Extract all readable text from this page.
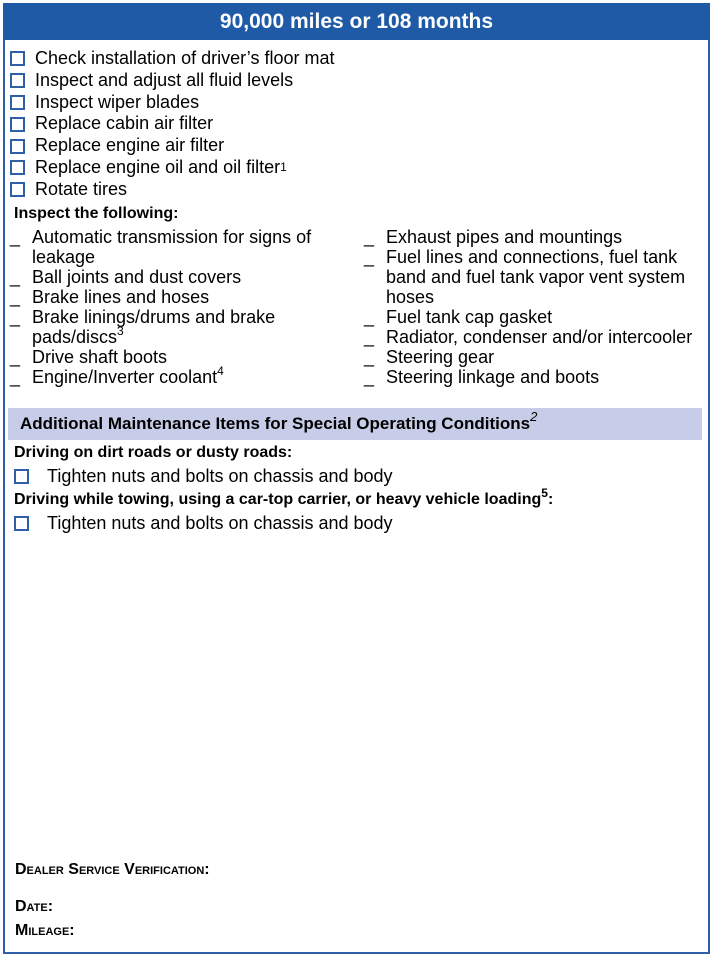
90,000 miles or 108 months
Check installation of driver’s floor mat
Inspect and adjust all fluid levels
Inspect wiper blades
Replace cabin air filter
Replace engine air filter
Replace engine oil and oil filter$^1$
Rotate tires
Inspect the following:
_ Automatic transmission for signs of leakage
_ Ball joints and dust covers
_ Brake lines and hoses
_ Brake linings/drums and brake pads/discs$^3$
_ Drive shaft boots
_ Engine/Inverter coolant$^4$
_ Exhaust pipes and mountings
_ Fuel lines and connections, fuel tank band and fuel tank vapor vent system hoses
_ Fuel tank cap gasket
_ Radiator, condenser and/or intercooler
_ Steering gear
_ Steering linkage and boots
Additional Maintenance Items for Special Operating Conditions$^2$
Driving on dirt roads or dusty roads:
Tighten nuts and bolts on chassis and body
Driving while towing, using a car-top carrier, or heavy vehicle loading$^5$:
Tighten nuts and bolts on chassis and body
Dealer Service Verification:
Date:
Mileage:
